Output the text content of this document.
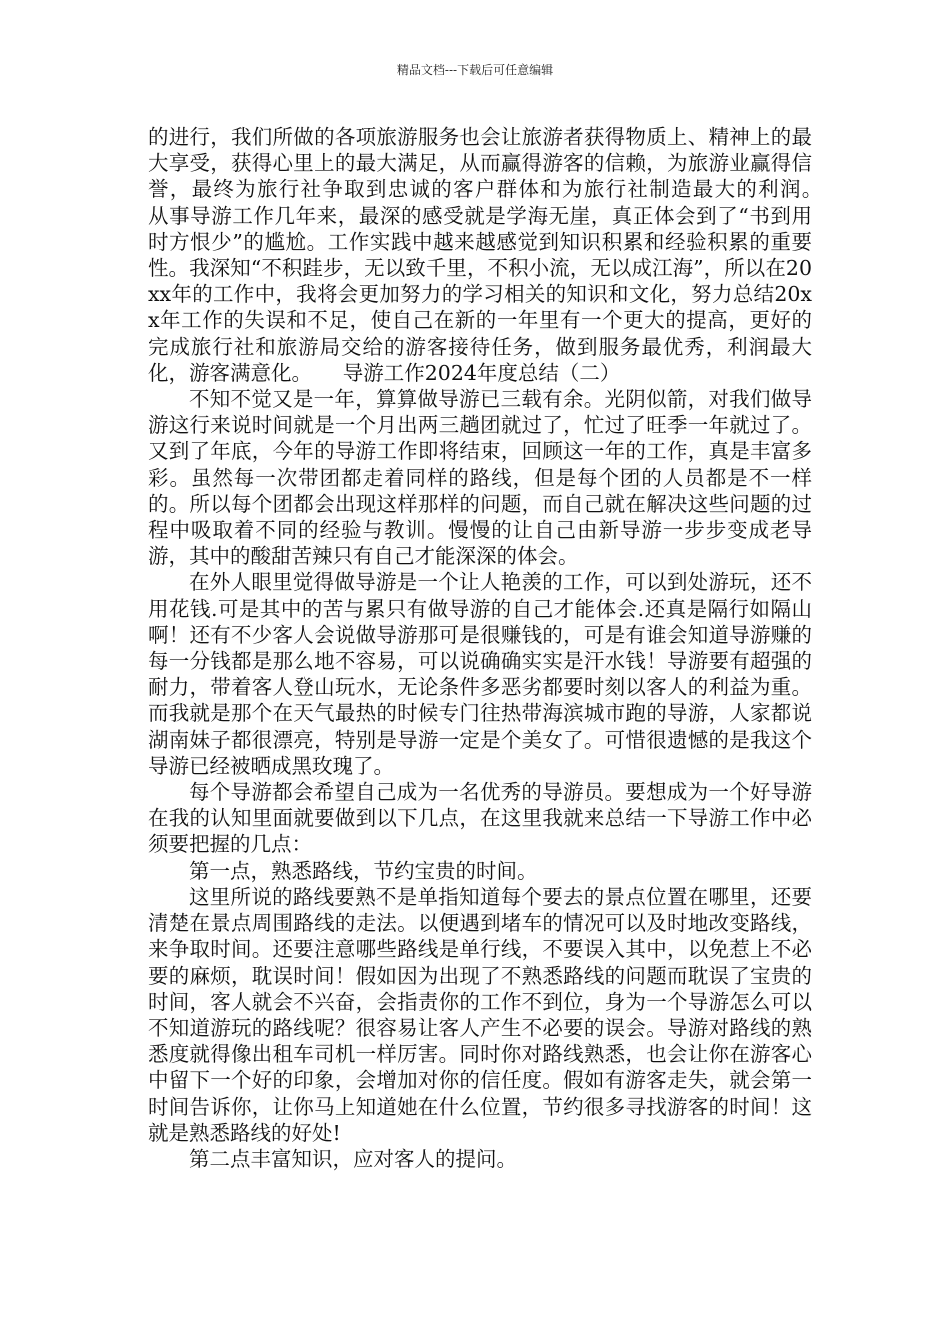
精品文档---下载后可任意编辑

的进行，我们所做的各项旅游服务也会让旅游者获得物质上、精神上的最大享受，获得心里上的最大满足，从而赢得游客的信赖，为旅游业赢得信誉，最终为旅行社争取到忠诚的客户群体和为旅行社制造最大的利润。　　从事导游工作几年来，最深的感受就是学海无崖，真正体会到了“书到用时方恨少”的尴尬。工作实践中越来越感觉到知识积累和经验积累的重要性。我深知“不积跬步，无以致千里，不积小流，无以成江海”，所以在20xx年的工作中，我将会更加努力的学习相关的知识和文化，努力总结20xx年工作的失误和不足，使自己在新的一年里有一个更大的提高，更好的完成旅行社和旅游局交给的游客接待任务，做到服务最优秀，利润最大化，游客满意化。　　导游工作2024年度总结（二）

不知不觉又是一年，算算做导游已三载有余。光阴似箭，对我们做导游这行来说时间就是一个月出两三趟团就过了，忙过了旺季一年就过了。又到了年底，今年的导游工作即将结束，回顾这一年的工作，真是丰富多彩。虽然每一次带团都走着同样的路线，但是每个团的人员都是不一样的。所以每个团都会出现这样那样的问题，而自己就在解决这些问题的过程中吸取着不同的经验与教训。慢慢的让自己由新导游一步步变成老导游，其中的酸甜苦辣只有自己才能深深的体会。

在外人眼里觉得做导游是一个让人艳羡的工作，可以到处游玩，还不用花钱.可是其中的苦与累只有做导游的自己才能体会.还真是隔行如隔山啊！还有不少客人会说做导游那可是很赚钱的，可是有谁会知道导游赚的每一分钱都是那么地不容易，可以说确确实实是汗水钱！导游要有超强的耐力，带着客人登山玩水，无论条件多恶劣都要时刻以客人的利益为重。而我就是那个在天气最热的时候专门往热带海滨城市跑的导游，人家都说湖南妹子都很漂亮，特别是导游一定是个美女了。可惜很遗憾的是我这个导游已经被晒成黑玫瑰了。

每个导游都会希望自己成为一名优秀的导游员。要想成为一个好导游在我的认知里面就要做到以下几点，在这里我就来总结一下导游工作中必须要把握的几点：

第一点，熟悉路线，节约宝贵的时间。

这里所说的路线要熟不是单指知道每个要去的景点位置在哪里，还要清楚在景点周围路线的走法。以便遇到堵车的情况可以及时地改变路线，来争取时间。还要注意哪些路线是单行线，不要误入其中，以免惹上不必要的麻烦，耽误时间！假如因为出现了不熟悉路线的问题而耽误了宝贵的时间，客人就会不兴奋，会指责你的工作不到位，身为一个导游怎么可以不知道游玩的路线呢？很容易让客人产生不必要的误会。导游对路线的熟悉度就得像出租车司机一样厉害。同时你对路线熟悉，也会让你在游客心中留下一个好的印象，会增加对你的信任度。假如有游客走失，就会第一时间告诉你，让你马上知道她在什么位置，节约很多寻找游客的时间！这就是熟悉路线的好处!

第二点丰富知识，应对客人的提问。
